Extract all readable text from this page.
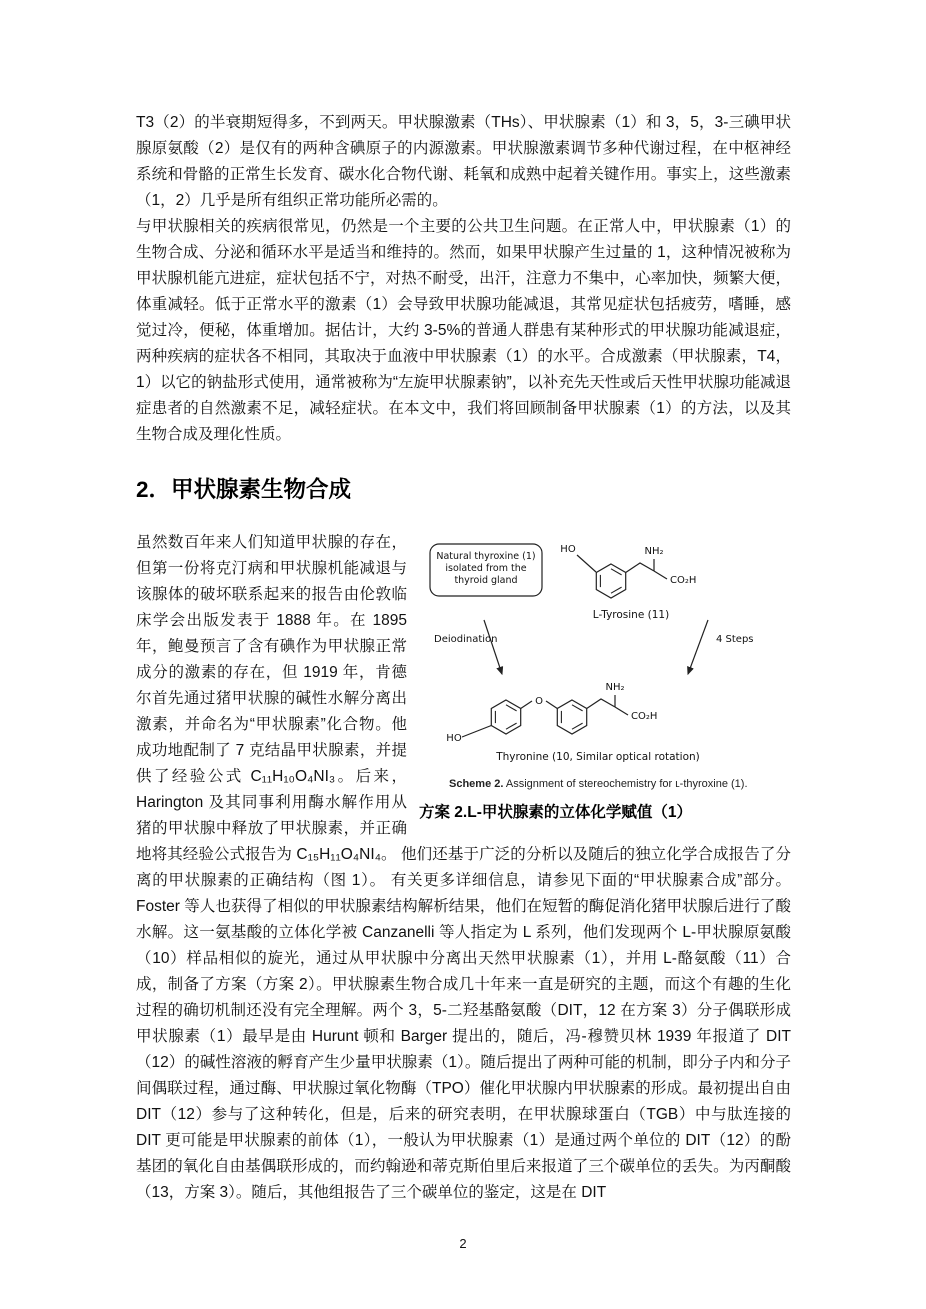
T3（2）的半衰期短得多，不到两天。甲状腺激素（THs）、甲状腺素（1）和 3，5，3-三碘甲状腺原氨酸（2）是仅有的两种含碘原子的内源激素。甲状腺激素调节多种代谢过程，在中枢神经系统和骨骼的正常生长发育、碳水化合物代谢、耗氧和成熟中起着关键作用。事实上，这些激素（1，2）几乎是所有组织正常功能所必需的。

与甲状腺相关的疾病很常见，仍然是一个主要的公共卫生问题。在正常人中，甲状腺素（1）的生物合成、分泌和循环水平是适当和维持的。然而，如果甲状腺产生过量的 1，这种情况被称为甲状腺机能亢进症，症状包括不宁，对热不耐受，出汗，注意力不集中，心率加快，频繁大便，体重减轻。低于正常水平的激素（1）会导致甲状腺功能减退，其常见症状包括疲劳，嗜睡，感觉过冷，便秘，体重增加。据估计，大约 3-5%的普通人群患有某种形式的甲状腺功能减退症，两种疾病的症状各不相同，其取决于血液中甲状腺素（1）的水平。合成激素（甲状腺素，T4，1）以它的钠盐形式使用，通常被称为“左旋甲状腺素钠”，以补充先天性或后天性甲状腺功能减退症患者的自然激素不足，减轻症状。在本文中，我们将回顾制备甲状腺素（1）的方法，以及其生物合成及理化性质。

2．甲状腺素生物合成
Natural thyroxine (1)
isolated from the
thyroid gland
HO	NH₂
CO₂H
L-Tyrosine (11)
Deiodination	4 Steps
HO
O
NH₂
CO₂H
Thyronine (10, Similar optical rotation)
Scheme 2. Assignment of stereochemistry for ʟ-thyroxine (1).
方案 2.L-甲状腺素的立体化学赋值（1）

虽然数百年来人们知道甲状腺的存在，但第一份将克汀病和甲状腺机能减退与该腺体的破坏联系起来的报告由伦敦临床学会出版发表于 1888 年。在 1895 年，鲍曼预言了含有碘作为甲状腺正常成分的激素的存在，但 1919 年，肯德尔首先通过猪甲状腺的碱性水解分离出激素，并命名为“甲状腺素”化合物。他成功地配制了 7 克结晶甲状腺素，并提供了经验公式 C₁₁H₁₀O₄NI₃。后来，Harington 及其同事利用酶水解作用从猪的甲状腺中释放了甲状腺素，并正确地将其经验公式报告为 C₁₅H₁₁O₄NI₄。 他们还基于广泛的分析以及随后的独立化学合成报告了分离的甲状腺素的正确结构（图 1）。 有关更多详细信息，请参见下面的“甲状腺素合成”部分。 Foster 等人也获得了相似的甲状腺素结构解析结果，他们在短暂的酶促消化猪甲状腺后进行了酸水解。这一氨基酸的立体化学被 Canzanelli 等人指定为 L 系列，他们发现两个 L-甲状腺原氨酸（10）样品相似的旋光，通过从甲状腺中分离出天然甲状腺素（1），并用 L-酪氨酸（11）合成，制备了方案（方案 2）。甲状腺素生物合成几十年来一直是研究的主题，而这个有趣的生化过程的确切机制还没有完全理解。两个 3，5-二羟基酪氨酸（DIT，12 在方案 3）分子偶联形成甲状腺素（1）最早是由 Hurunt 顿和 Barger 提出的，随后，冯-穆赞贝林 1939 年报道了 DIT（12）的碱性溶液的孵育产生少量甲状腺素（1）。随后提出了两种可能的机制，即分子内和分子间偶联过程，通过酶、甲状腺过氧化物酶（TPO）催化甲状腺内甲状腺素的形成。最初提出自由 DIT（12）参与了这种转化，但是，后来的研究表明，在甲状腺球蛋白（TGB）中与肽连接的 DIT 更可能是甲状腺素的前体（1），一般认为甲状腺素（1）是通过两个单位的 DIT（12）的酚基团的氧化自由基偶联形成的，而约翰逊和蒂克斯伯里后来报道了三个碳单位的丢失。为丙酮酸（13，方案 3）。随后，其他组报告了三个碳单位的鉴定，这是在 DIT

2
